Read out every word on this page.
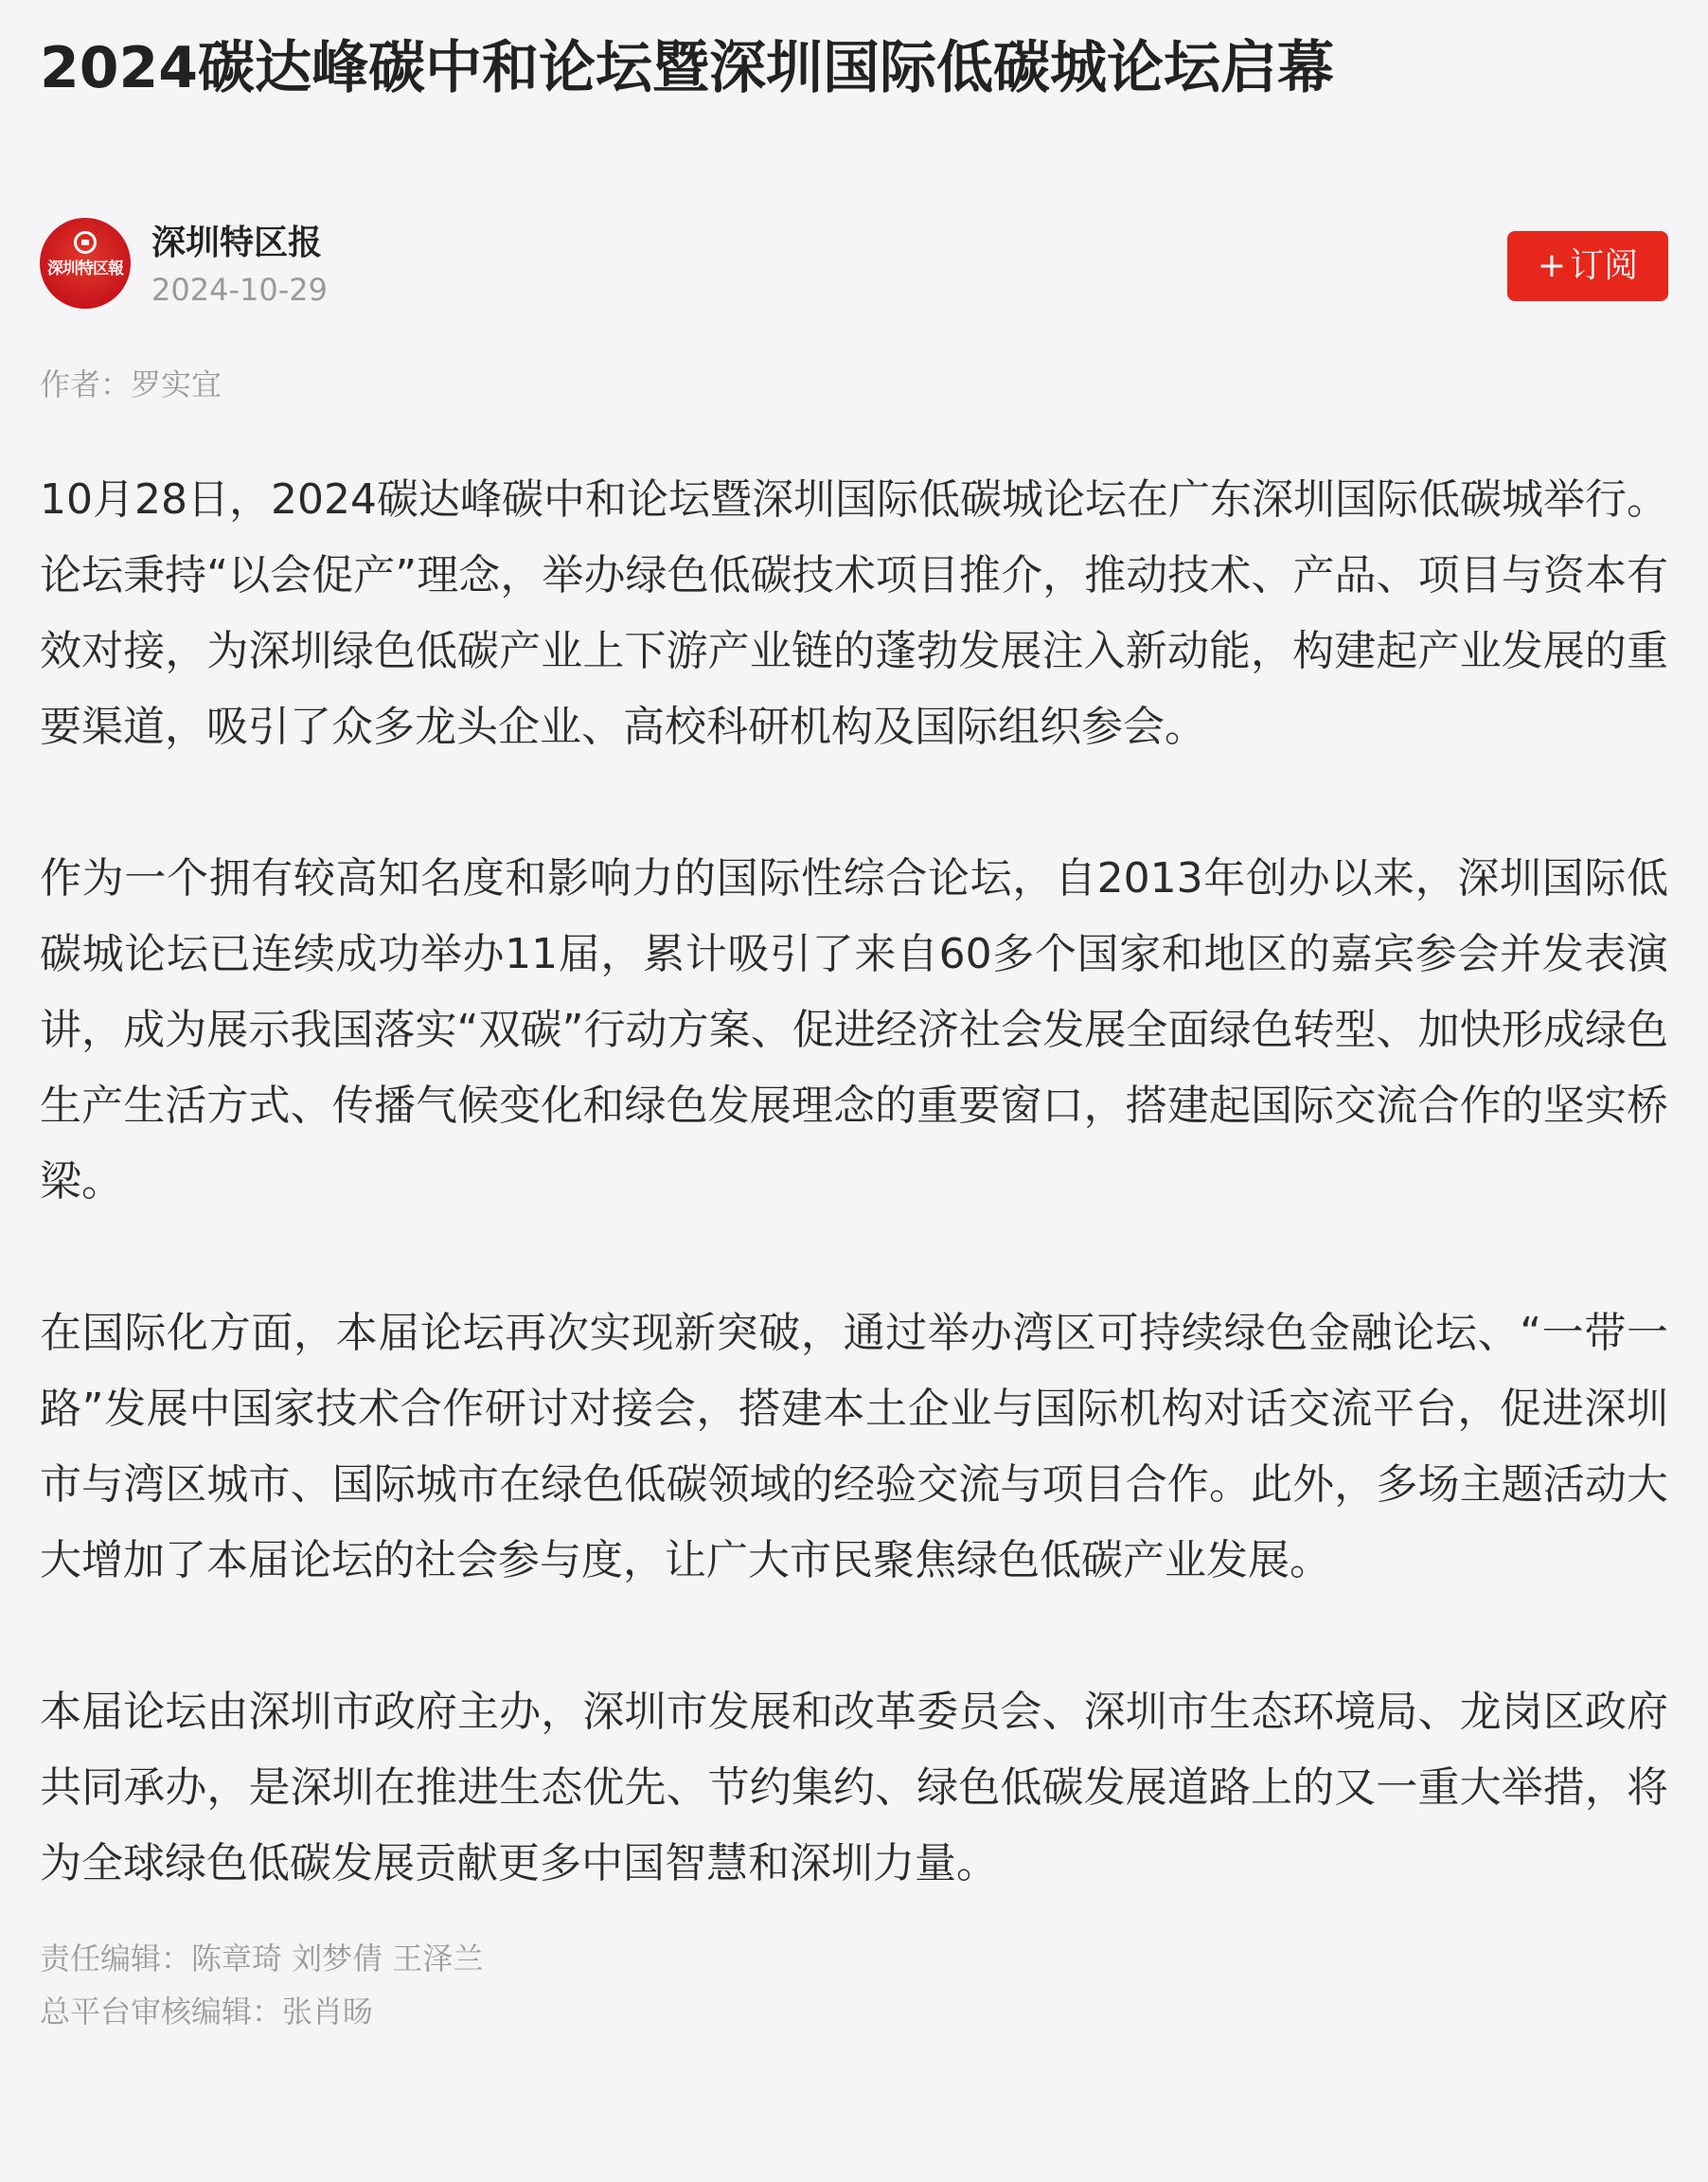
2024碳达峰碳中和论坛暨深圳国际低碳城论坛启幕
深圳特区報
深圳特区报
2024-10-29
+ 订阅
作者：罗实宜

10月28日，2024碳达峰碳中和论坛暨深圳国际低碳城论坛在广东深圳国际低碳城举行。论坛秉持“以会促产”理念，举办绿色低碳技术项目推介，推动技术、产品、项目与资本有效对接，为深圳绿色低碳产业上下游产业链的蓬勃发展注入新动能，构建起产业发展的重要渠道，吸引了众多龙头企业、高校科研机构及国际组织参会。

作为一个拥有较高知名度和影响力的国际性综合论坛，自2013年创办以来，深圳国际低碳城论坛已连续成功举办11届，累计吸引了来自60多个国家和地区的嘉宾参会并发表演讲，成为展示我国落实“双碳”行动方案、促进经济社会发展全面绿色转型、加快形成绿色生产生活方式、传播气候变化和绿色发展理念的重要窗口，搭建起国际交流合作的坚实桥梁。

在国际化方面，本届论坛再次实现新突破，通过举办湾区可持续绿色金融论坛、“一带一路”发展中国家技术合作研讨对接会，搭建本土企业与国际机构对话交流平台，促进深圳市与湾区城市、国际城市在绿色低碳领域的经验交流与项目合作。此外，多场主题活动大大增加了本届论坛的社会参与度，让广大市民聚焦绿色低碳产业发展。

本届论坛由深圳市政府主办，深圳市发展和改革委员会、深圳市生态环境局、龙岗区政府共同承办，是深圳在推进生态优先、节约集约、绿色低碳发展道路上的又一重大举措，将为全球绿色低碳发展贡献更多中国智慧和深圳力量。

责任编辑：陈章琦 刘梦倩 王泽兰
总平台审核编辑：张肖旸
